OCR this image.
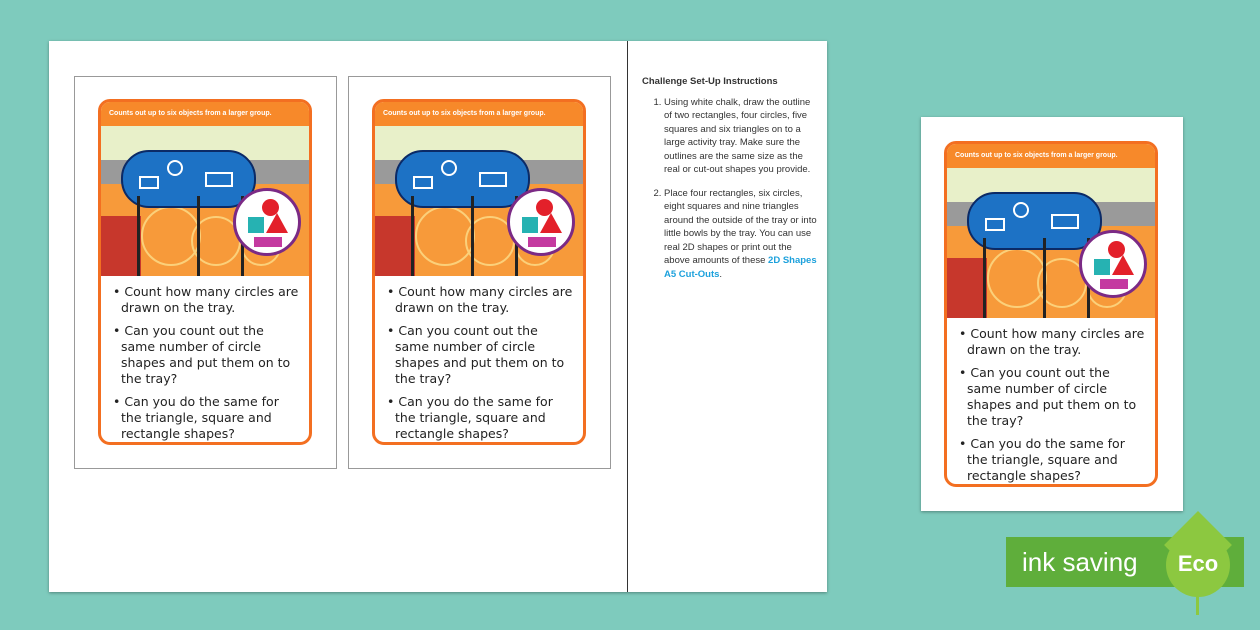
Counts out up to six objects from a larger group.
• Count how many circles are drawn on the tray.
• Can you count out the same number of circle shapes and put them on to the tray?
• Can you do the same for the triangle, square and rectangle shapes?
Counts out up to six objects from a larger group.
• Count how many circles are drawn on the tray.
• Can you count out the same number of circle shapes and put them on to the tray?
• Can you do the same for the triangle, square and rectangle shapes?
Challenge Set-Up Instructions
1. Using white chalk, draw the outline of two rectangles, four circles, five squares and six triangles on to a large activity tray. Make sure the outlines are the same size as the real or cut-out shapes you provide.
2. Place four rectangles, six circles, eight squares and nine triangles around the outside of the tray or into little bowls by the tray. You can use real 2D shapes or print out the above amounts of these 2D Shapes A5 Cut-Outs.
Counts out up to six objects from a larger group.
• Count how many circles are drawn on the tray.
• Can you count out the same number of circle shapes and put them on to the tray?
• Can you do the same for the triangle, square and rectangle shapes?
ink saving	Eco
